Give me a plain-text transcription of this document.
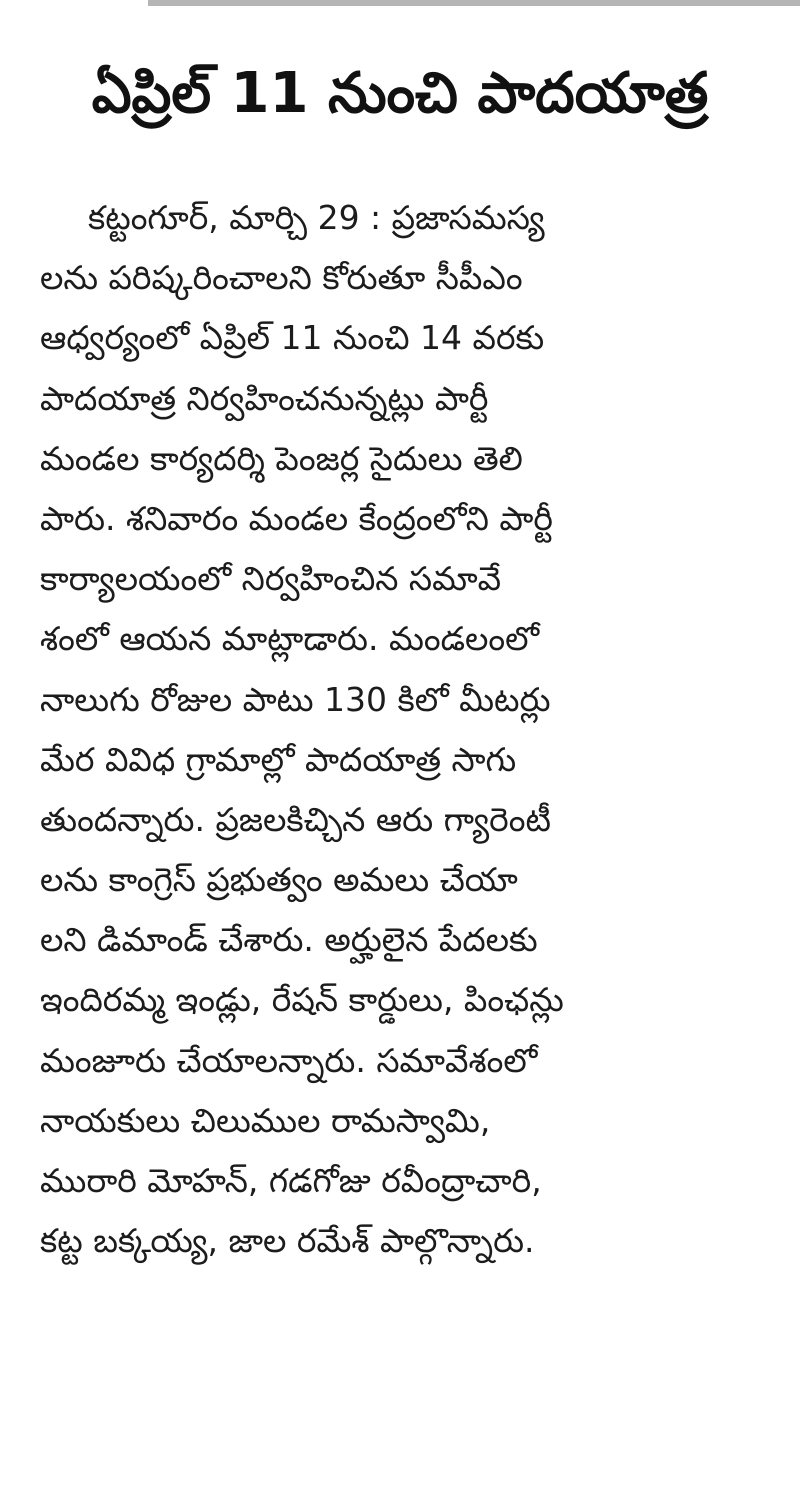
ఏప్రిల్ 11 నుంచి పాదయాత్ర
కట్టంగూర్, మార్చి 29 : ప్రజాసమస్య
లను పరిష్కరించాలని కోరుతూ సీపీఎం
ఆధ్వర్యంలో ఏప్రిల్ 11 నుంచి 14 వరకు
పాదయాత్ర నిర్వహించనున్నట్లు పార్టీ
మండల కార్యదర్శి పెంజర్ల సైదులు తెలి
పారు. శనివారం మండల కేంద్రంలోని పార్టీ
కార్యాలయంలో నిర్వహించిన సమావే
శంలో ఆయన మాట్లాడారు. మండలంలో
నాలుగు రోజుల పాటు 130 కిలో మీటర్లు
మేర వివిధ గ్రామాల్లో పాదయాత్ర సాగు
తుందన్నారు. ప్రజలకిచ్చిన ఆరు గ్యారెంటీ
లను కాంగ్రెస్ ప్రభుత్వం అమలు చేయా
లని డిమాండ్ చేశారు. అర్హులైన పేదలకు
ఇందిరమ్మ ఇండ్లు, రేషన్ కార్డులు, పింఛన్లు
మంజూరు చేయాలన్నారు. సమావేశంలో
నాయకులు చిలుముల రామస్వామి,
మురారి మోహన్, గడగోజు రవీంద్రాచారి,
కట్ట బక్కయ్య, జాల రమేశ్ పాల్గొన్నారు.
